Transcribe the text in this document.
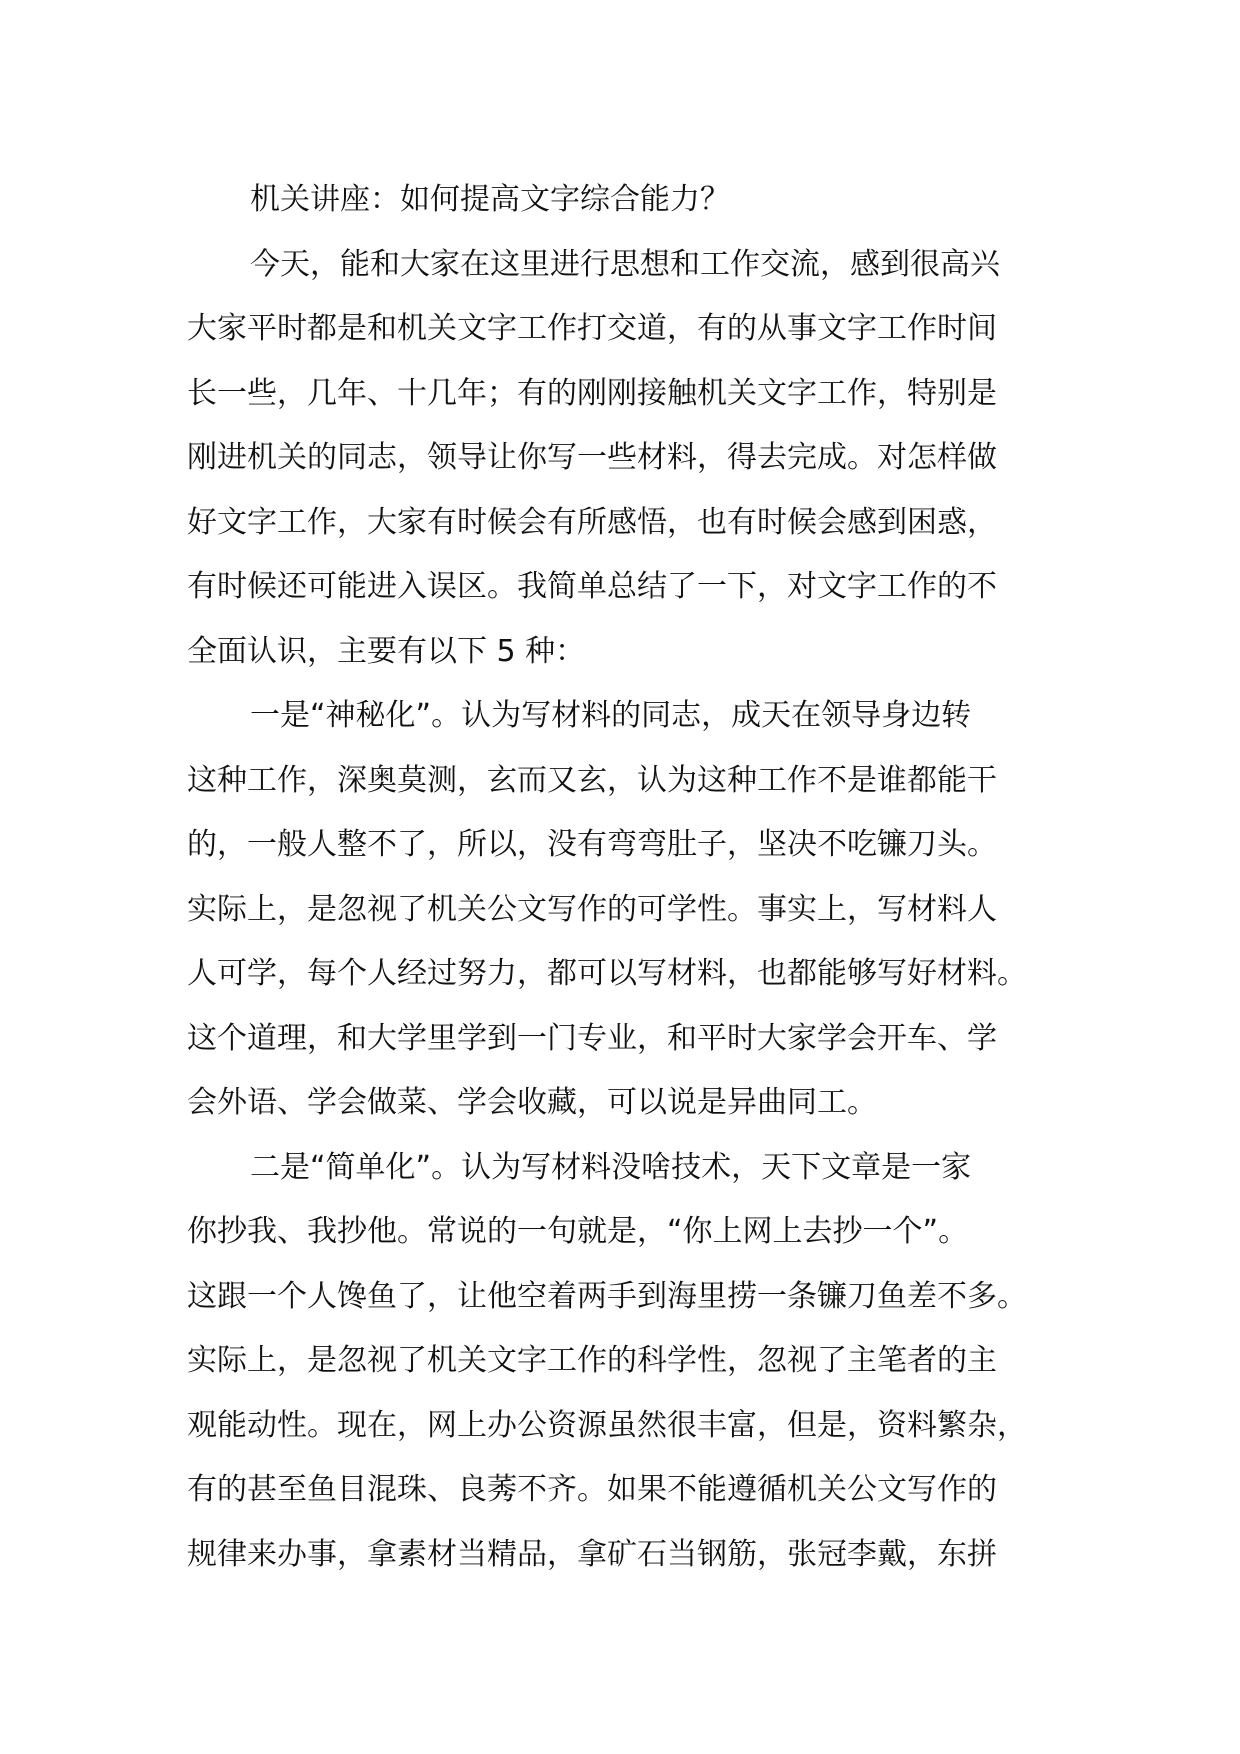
机关讲座：如何提高文字综合能力？
今天，能和大家在这里进行思想和工作交流，感到很高兴
大家平时都是和机关文字工作打交道，有的从事文字工作时间
长一些，几年、十几年；有的刚刚接触机关文字工作，特别是
刚进机关的同志，领导让你写一些材料，得去完成。对怎样做
好文字工作，大家有时候会有所感悟，也有时候会感到困惑，
有时候还可能进入误区。我简单总结了一下，对文字工作的不
全面认识，主要有以下 5 种：
一是“神秘化”。认为写材料的同志，成天在领导身边转
这种工作，深奥莫测，玄而又玄，认为这种工作不是谁都能干
的，一般人整不了，所以，没有弯弯肚子，坚决不吃镰刀头。
实际上，是忽视了机关公文写作的可学性。事实上，写材料人
人可学，每个人经过努力，都可以写材料，也都能够写好材料。
这个道理，和大学里学到一门专业，和平时大家学会开车、学
会外语、学会做菜、学会收藏，可以说是异曲同工。
二是“简单化”。认为写材料没啥技术，天下文章是一家
你抄我、我抄他。常说的一句就是，“你上网上去抄一个”。
这跟一个人馋鱼了，让他空着两手到海里捞一条镰刀鱼差不多。
实际上，是忽视了机关文字工作的科学性，忽视了主笔者的主
观能动性。现在，网上办公资源虽然很丰富，但是，资料繁杂，
有的甚至鱼目混珠、良莠不齐。如果不能遵循机关公文写作的
规律来办事，拿素材当精品，拿矿石当钢筋，张冠李戴，东拼
